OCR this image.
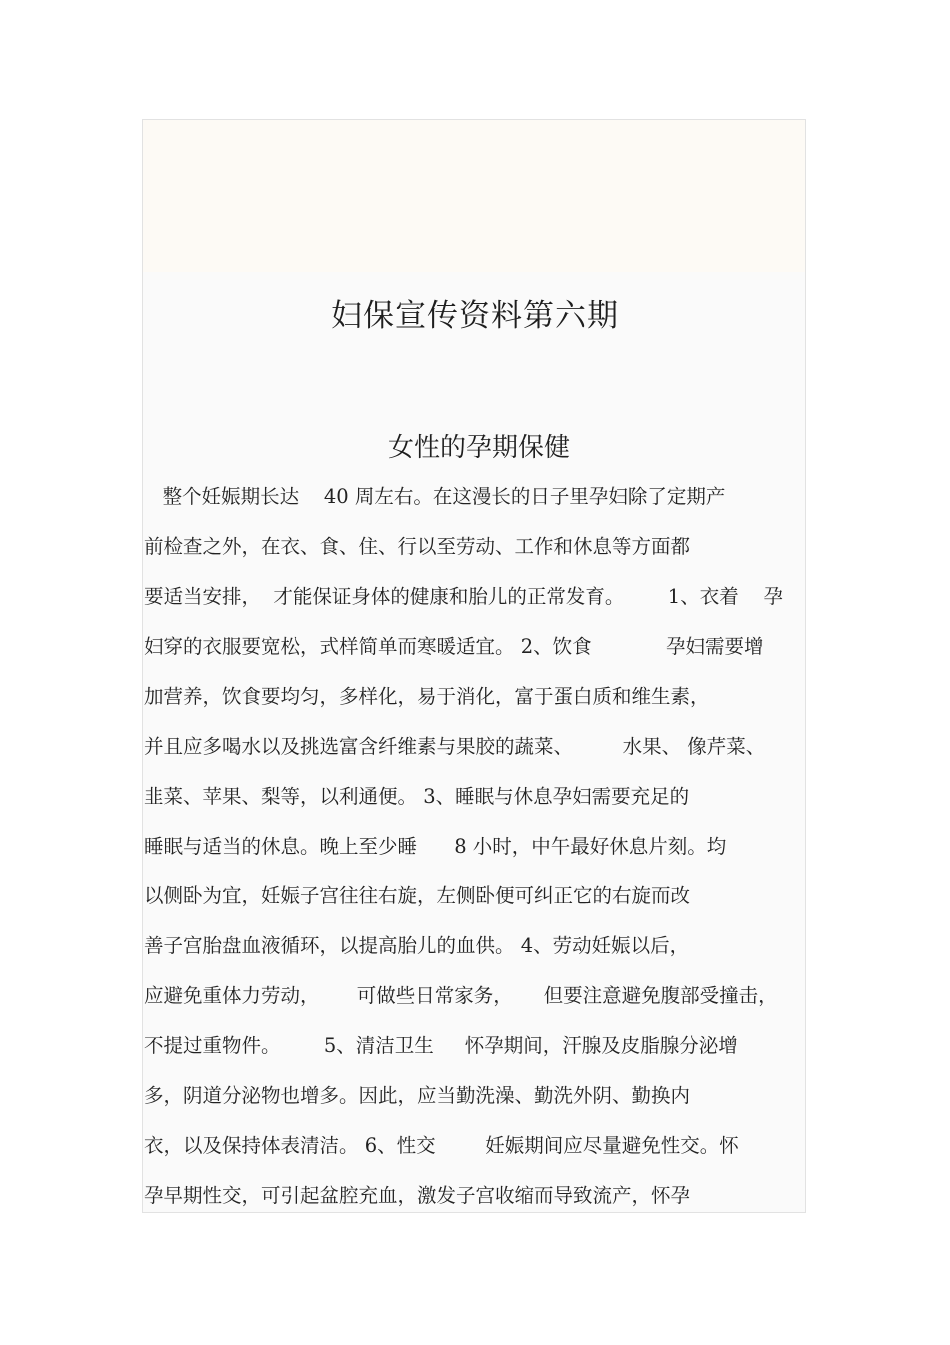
妇保宣传资料第六期
女性的孕期保健
整个妊娠期长达    40 周左右。在这漫长的日子里孕妇除了定期产
前检查之外，在衣、食、住、行以至劳动、工作和休息等方面都
要适当安排，  才能保证身体的健康和胎儿的正常发育。       1、衣着    孕
妇穿的衣服要宽松，式样简单而寒暖适宜。 2、饮食            孕妇需要增
加营养，饮食要均匀，多样化，易于消化，富于蛋白质和维生素，
并且应多喝水以及挑选富含纤维素与果胶的蔬菜、        水果、 像芹菜、
韭菜、苹果、梨等，以利通便。 3、睡眠与休息孕妇需要充足的
睡眠与适当的休息。晚上至少睡      8 小时，中午最好休息片刻。均
以侧卧为宜，妊娠子宫往往右旋，左侧卧便可纠正它的右旋而改
善子宫胎盘血液循环，以提高胎儿的血供。 4、劳动妊娠以后，
应避免重体力劳动，      可做些日常家务，     但要注意避免腹部受撞击，
不提过重物件。       5、清洁卫生     怀孕期间，汗腺及皮脂腺分泌增
多，阴道分泌物也增多。因此，应当勤洗澡、勤洗外阴、勤换内
衣，以及保持体表清洁。 6、性交        妊娠期间应尽量避免性交。怀
孕早期性交，可引起盆腔充血，激发子宫收缩而导致流产，怀孕
